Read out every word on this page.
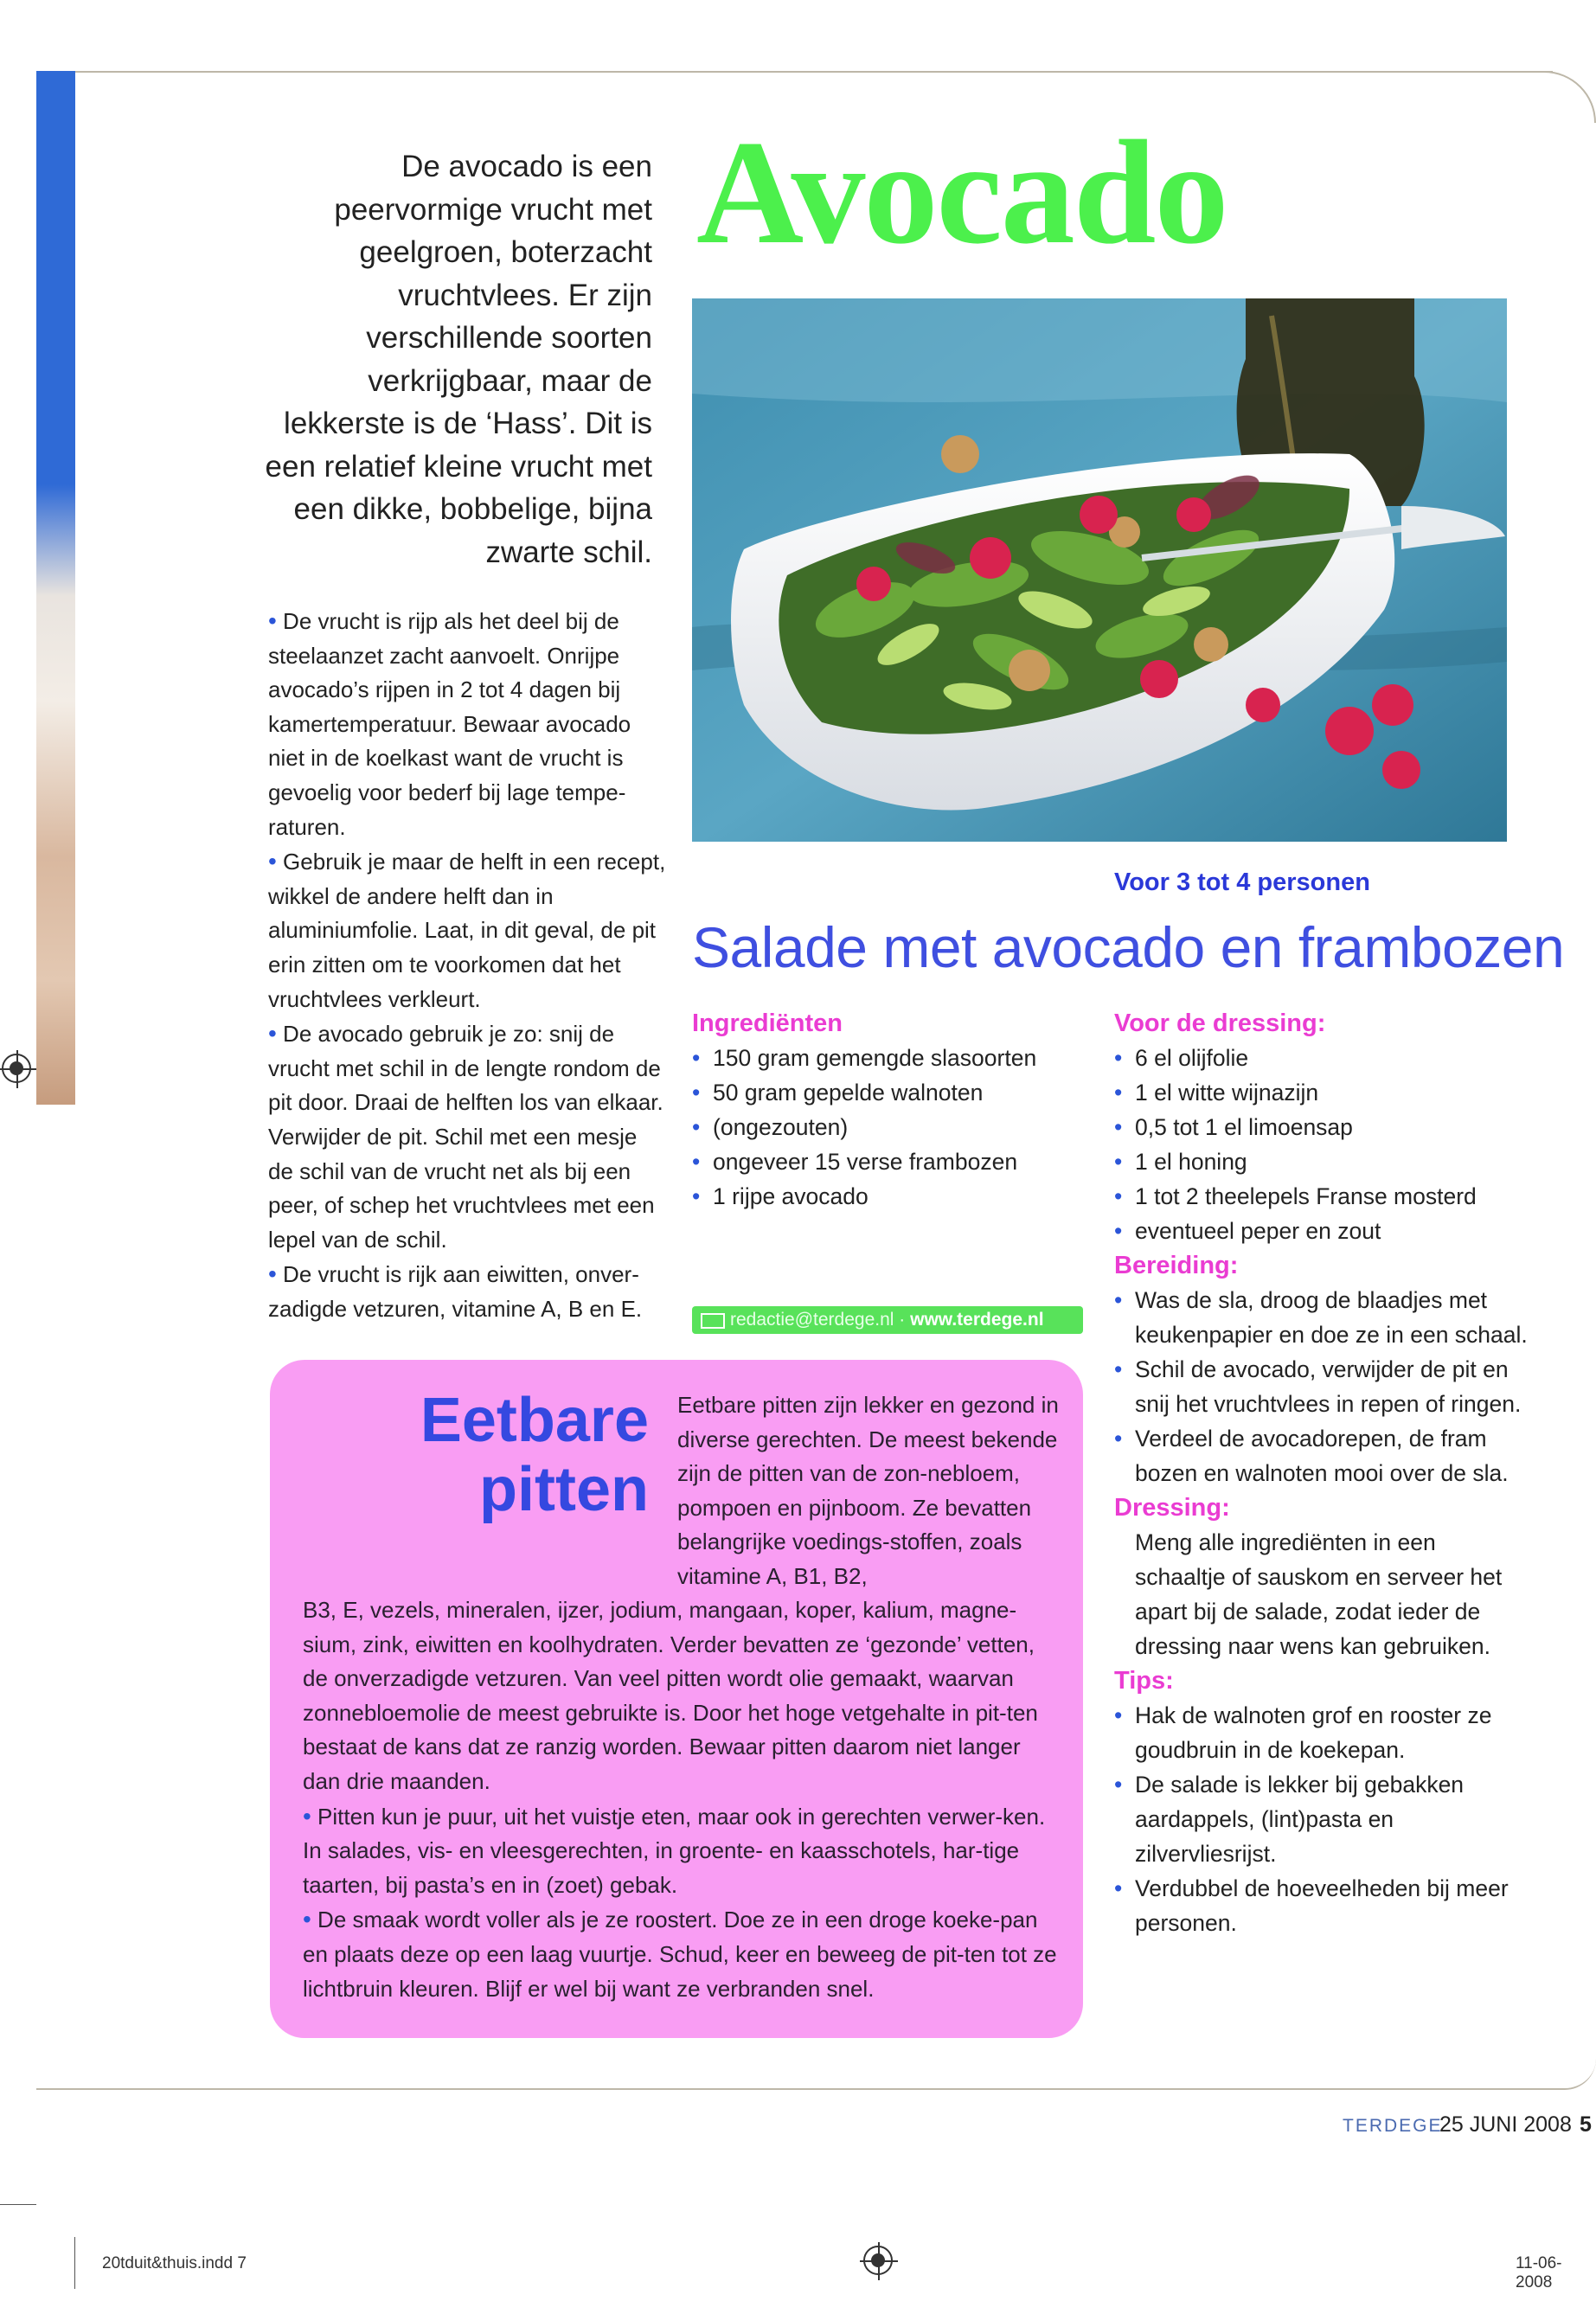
De avocado is een peervormige vrucht met geelgroen, boterzacht vruchtvlees. Er zijn verschillende soorten verkrijgbaar, maar de lekkerste is de ‘Hass’. Dit is een relatief kleine vrucht met een dikke, bobbelige, bijna zwarte schil.
Avocado

• De vrucht is rijp als het deel bij de steelaanzet zacht aanvoelt. Onrijpe avocado’s rijpen in 2 tot 4 dagen bij kamertemperatuur. Bewaar avocado niet in de koelkast want de vrucht is gevoelig voor bederf bij lage tempe-raturen.

• Gebruik je maar de helft in een recept, wikkel de andere helft dan in aluminiumfolie. Laat, in dit geval, de pit erin zitten om te voorkomen dat het vruchtvlees verkleurt.

• De avocado gebruik je zo: snij de vrucht met schil in de lengte rondom de pit door. Draai de helften los van elkaar. Verwijder de pit. Schil met een mesje de schil van de vrucht net als bij een peer, of schep het vruchtvlees met een lepel van de schil.

• De vrucht is rijk aan eiwitten, onver-zadigde vetzuren, vitamine A, B en E.

Voor 3 tot 4 personen
Salade met avocado en frambozen
Ingrediënten
• 150 gram gemengde slasoorten
• 50 gram gepelde walnoten
• (ongezouten)
• ongeveer 15 verse frambozen
• 1 rijpe avocado
Voor de dressing:
• 6 el olijfolie
• 1 el witte wijnazijn
• 0,5 tot 1 el limoensap
• 1 el honing
• 1 tot 2 theelepels Franse mosterd
• eventueel peper en zout
Bereiding:
• Was de sla, droog de blaadjes met keukenpapier en doe ze in een schaal.
• Schil de avocado, verwijder de pit en snij het vruchtvlees in repen of ringen.
• Verdeel de avocadorepen, de fram bozen en walnoten mooi over de sla.
Dressing:
Meng alle ingrediënten in een schaaltje of sauskom en serveer het apart bij de salade, zodat ieder de dressing naar wens kan gebruiken.
Tips:
• Hak de walnoten grof en rooster ze goudbruin in de koekepan.
• De salade is lekker bij gebakken aardappels, (lint)pasta en zilvervliesrijst.
• Verdubbel de hoeveelheden bij meer personen.
redactie@terdege.nl · www.terdege.nl
Eetbare
pitten
Eetbare pitten zijn lekker en gezond in diverse gerechten. De meest bekende zijn de pitten van de zon-nebloem, pompoen en pijnboom. Ze bevatten belangrijke voedings-stoffen, zoals vitamine A, B1, B2,

B3, E, vezels, mineralen, ijzer, jodium, mangaan, koper, kalium, magne-sium, zink, eiwitten en koolhydraten. Verder bevatten ze ‘gezonde’ vetten, de onverzadigde vetzuren. Van veel pitten wordt olie gemaakt, waarvan zonnebloemolie de meest gebruikte is. Door het hoge vetgehalte in pit-ten bestaat de kans dat ze ranzig worden. Bewaar pitten daarom niet langer dan drie maanden.

• Pitten kun je puur, uit het vuistje eten, maar ook in gerechten verwer-ken. In salades, vis- en vleesgerechten, in groente- en kaasschotels, har-tige taarten, bij pasta’s en in (zoet) gebak.

• De smaak wordt voller als je ze roostert. Doe ze in een droge koeke-pan en plaats deze op een laag vuurtje. Schud, keer en beweeg de pit-ten tot ze lichtbruin kleuren. Blijf er wel bij want ze verbranden snel.

TERDEGE
25 JUNI 2008 5
20tduit&thuis.indd 7	11-06-2008
